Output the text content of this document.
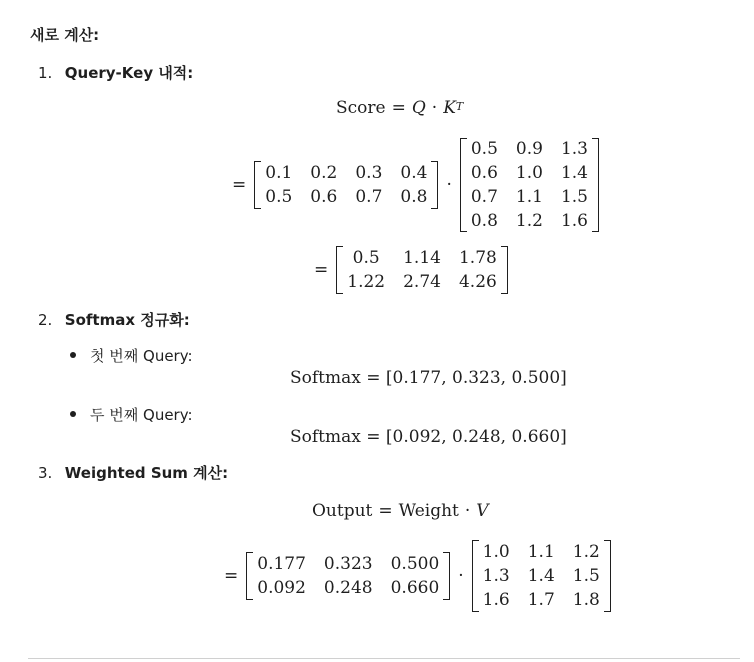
새로 계산:
1. Query-Key 내적:
Score = $Q \cdot K^T$
=
0.1 0.2 0.3 0.4
0.5 0.6 0.7 0.8
·
0.5 0.9 1.3
0.6 1.0 1.4
0.7 1.1 1.5
0.8 1.2 1.6
=
0.5	1.14 1.78
1.22 2.74 4.26
2. Softmax 정규화:
첫 번째 Query:
Softmax = [0.177, 0.323, 0.500]
두 번째 Query:
Softmax = [0.092, 0.248, 0.660]
3. Weighted Sum 계산:
Output = Weight · V
=
0.177 0.323 0.500
0.092 0.248 0.660
·
1.0 1.1 1.2
1.3 1.4 1.5
1.6 1.7 1.8
